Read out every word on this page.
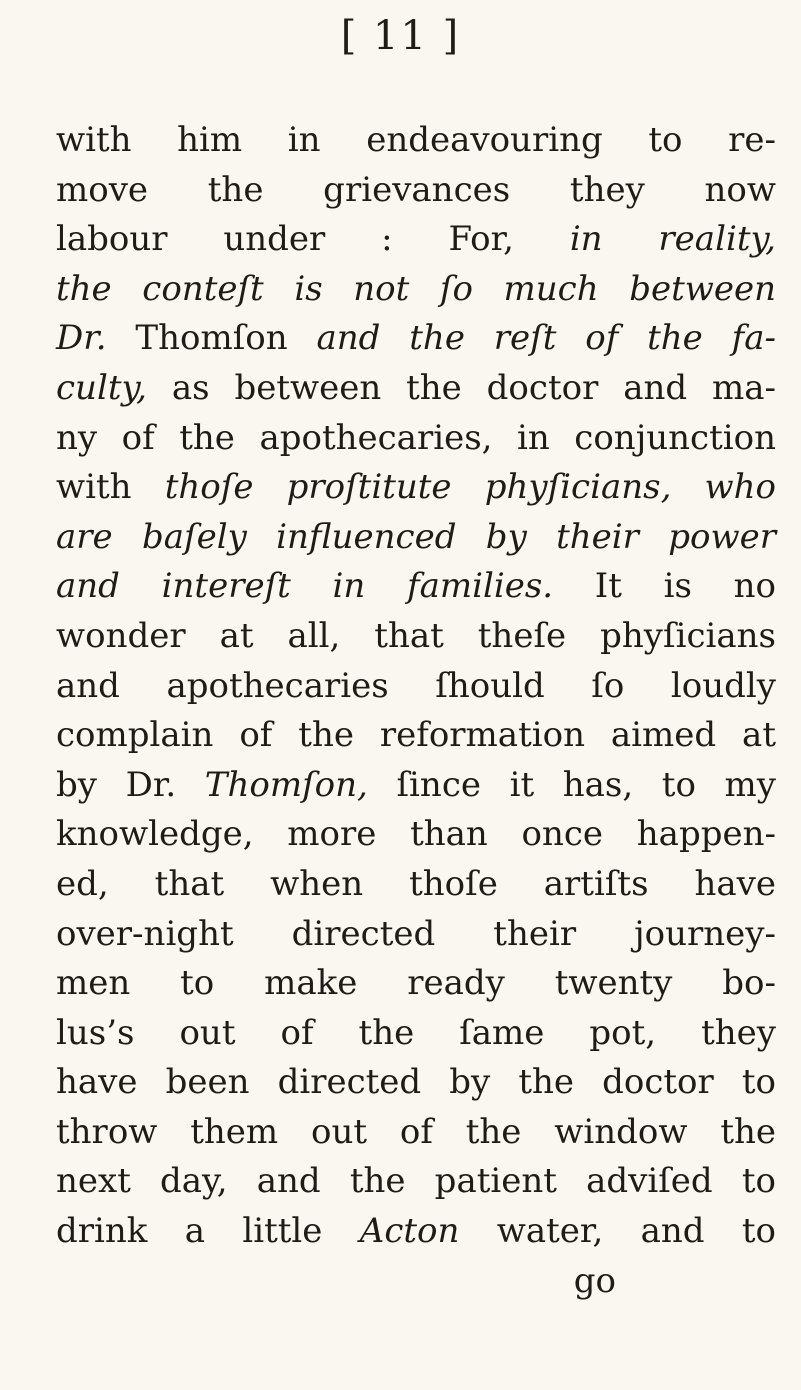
[ 11 ]
with him in endeavouring to re-
move the grievances they now
labour under : For, in reality,
the conteſt is not ſo much between
Dr. Thomſon and the reſt of the fa-
culty, as between the doctor and ma-
ny of the apothecaries, in conjunction
with thoſe proſtitute phyſicians, who
are baſely influenced by their power
and intereſt in families. It is no
wonder at all, that theſe phyſicians
and apothecaries ſhould ſo loudly
complain of the reformation aimed at
by Dr. Thomſon, ſince it has, to my
knowledge, more than once happen-
ed, that when thoſe artiſts have
over-night directed their journey-
men to make ready twenty bo-
lus’s out of the ſame pot, they
have been directed by the doctor to
throw them out of the window the
next day, and the patient adviſed to
drink a little Acton water, and to
go
